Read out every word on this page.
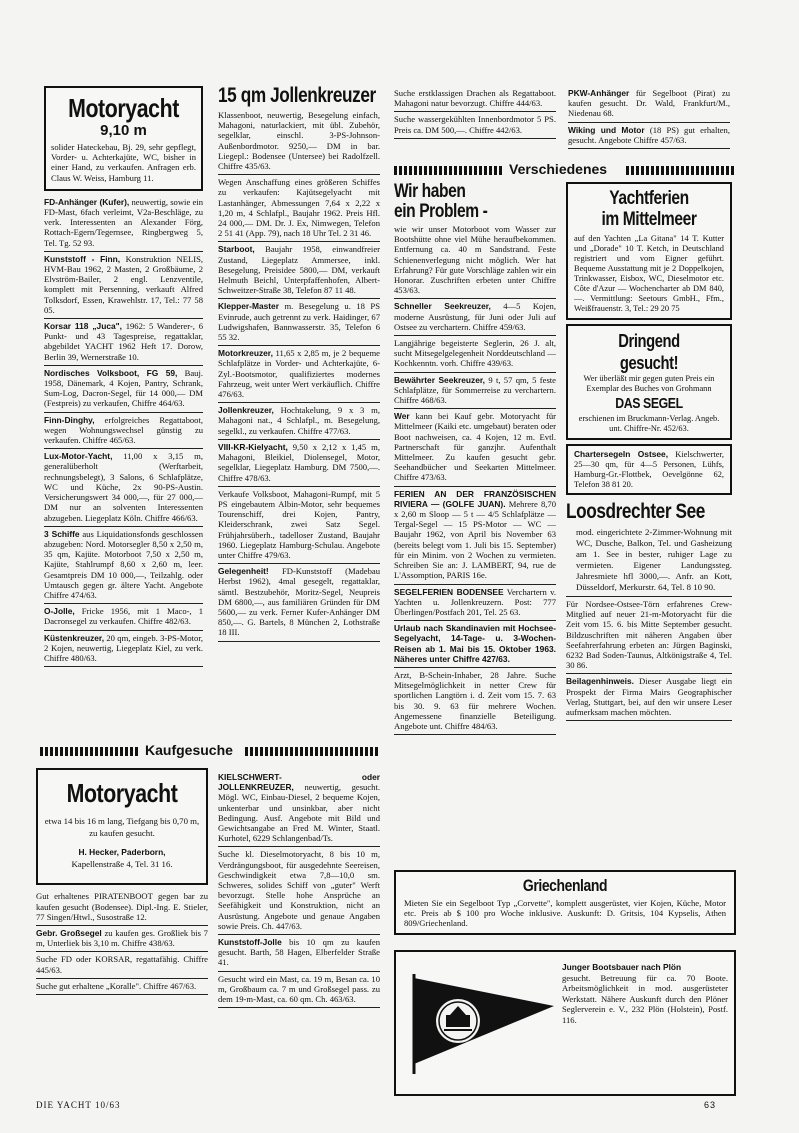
Motoryacht
9,10 m

solider Hateckebau, Bj. 29, sehr gepflegt, Vorder- u. Achterkajüte, WC, bisher in einer Hand, zu verkaufen. Anfragen erb. Claus W. Weiss, Hamburg 11.

FD-Anhänger (Kufer), neuwertig, sowie ein FD-Mast, 6fach verleimt, V2a-Beschläge, zu verk. Interessenten an Alexander Förg, Rottach-Egern/Tegernsee, Ringbergweg 5, Tel. Tg. 52 93.

Kunststoff - Finn, Konstruktion NELIS, HVM-Bau 1962, 2 Masten, 2 Großbäume, 2 Elvström-Bailer, 2 engl. Lenzventile, komplett mit Persenning, verkauft Alfred Tolksdorf, Essen, Krawehlstr. 17, Tel.: 77 58 05.

Korsar 118 „Juca", 1962: 5 Wanderer-, 6 Punkt- und 43 Tagespreise, regattaklar, abgebildet YACHT 1962 Heft 17. Dorow, Berlin 39, Wernerstraße 10.

Nordisches Volksboot, FG 59, Bauj. 1958, Dänemark, 4 Kojen, Pantry, Schrank, Sum-Log, Dacron-Segel, für 14 000,— DM (Festpreis) zu verkaufen, Chiffre 464/63.

Finn-Dinghy, erfolgreiches Regattaboot, wegen Wohnungswechsel günstig zu verkaufen. Chiffre 465/63.

Lux-Motor-Yacht, 11,00 x 3,15 m, generalüberholt (Werftarbeit, rechnungsbelegt), 3 Salons, 6 Schlafplätze, WC und Küche, 2x 90-PS-Austin. Versicherungswert 34 000,—, für 27 000,— DM nur an solventen Interessenten abzugeben. Liegeplatz Köln. Chiffre 466/63.

3 Schiffe aus Liquidationsfonds geschlossen abzugeben: Nord. Motorsegler 8,50 x 2,50 m, 35 qm, Kajüte. Motorboot 7,50 x 2,50 m, Kajüte, Stahlrumpf 8,60 x 2,60 m, leer. Gesamtpreis DM 10 000,—, Teilzahlg. oder Umtausch gegen gr. ältere Yacht. Angebote Chiffre 474/63.

O-Jolle, Fricke 1956, mit 1 Maco-, 1 Dacronsegel zu verkaufen. Chiffre 482/63.

Küstenkreuzer, 20 qm, eingeb. 3-PS-Motor, 2 Kojen, neuwertig, Liegeplatz Kiel, zu verk. Chiffre 480/63.

Kaufgesuche
Motoryacht

etwa 14 bis 16 m lang, Tiefgang bis 0,70 m, zu kaufen gesucht.

H. Hecker, Paderborn,

Kapellenstraße 4, Tel. 31 16.

Gut erhaltenes PIRATENBOOT gegen bar zu kaufen gesucht (Bodensee). Dipl.-Ing. E. Stieler, 77 Singen/Htwl., Susostraße 12.

Gebr. Großsegel zu kaufen ges. Großliek bis 7 m, Unterliek bis 3,10 m. Chiffre 438/63.

Suche FD oder KORSAR, regattafähig. Chiffre 445/63.

Suche gut erhaltene „Koralle". Chiffre 467/63.

15 qm Jollenkreuzer

Klassenboot, neuwertig, Besegelung einfach, Mahagoni, naturlackiert, mit übl. Zubehör, segelklar, einschl. 3-PS-Johnson-Außenbordmotor. 9250,— DM in bar. Liegepl.: Bodensee (Untersee) bei Radolfzell. Chiffre 435/63.

Wegen Anschaffung eines größeren Schiffes zu verkaufen: Kajütsegelyacht mit Lastanhänger, Abmessungen 7,64 x 2,22 x 1,20 m, 4 Schlafpl., Baujahr 1962. Preis Hfl. 24 000,— DM. Dr. J. Ex, Nimwegen, Telefon 2 51 41 (App. 79), nach 18 Uhr Tel. 2 31 46.

Starboot, Baujahr 1958, einwandfreier Zustand, Liegeplatz Ammersee, inkl. Besegelung, Preisidee 5800,— DM, verkauft Helmuth Beichl, Unterpfaffenhofen, Albert-Schweitzer-Straße 38, Telefon 87 11 48.

Klepper-Master m. Besegelung u. 18 PS Evinrude, auch getrennt zu verk. Haidinger, 67 Ludwigshafen, Bannwasserstr. 35, Telefon 6 55 32.

Motorkreuzer, 11,65 x 2,85 m, je 2 bequeme Schlafplätze in Vorder- und Achterkajüte, 6-Zyl.-Bootsmotor, qualifiziertes modernes Fahrzeug, weit unter Wert verkäuflich. Chiffre 476/63.

Jollenkreuzer, Hochtakelung, 9 x 3 m, Mahagoni nat., 4 Schlafpl., m. Besegelung, segelkl., zu verkaufen. Chiffre 477/63.

VIII-KR-Kielyacht, 9,50 x 2,12 x 1,45 m, Mahagoni, Bleikiel, Diolensegel, Motor, segelklar, Liegeplatz Hamburg. DM 7500,—. Chiffre 478/63.

Verkaufe Volksboot, Mahagoni-Rumpf, mit 5 PS eingebautem Albin-Motor, sehr bequemes Tourenschiff, drei Kojen, Pantry, Kleiderschrank, zwei Satz Segel. Frühjahrsüberh., tadelloser Zustand, Baujahr 1960. Liegeplatz Hamburg-Schulau. Angebote unter Chiffre 479/63.

Gelegenheit! FD-Kunststoff (Madebau Herbst 1962), 4mal gesegelt, regattaklar, sämtl. Bestzubehör, Moritz-Segel, Neupreis DM 6800,—, aus familiären Gründen für DM 5600,— zu verk. Ferner Kufer-Anhänger DM 850,—. G. Bartels, 8 München 2, Lothstraße 18 III.

KIELSCHWERT- oder JOLLENKREUZER, neuwertig, gesucht. Mögl. WC, Einbau-Diesel, 2 bequeme Kojen, unkenterbar und unsinkbar, aber nicht Bedingung. Ausf. Angebote mit Bild und Gewichtsangabe an Fred M. Winter, Staatl. Kurhotel, 6229 Schlangenbad/Ts.

Suche kl. Dieselmotoryacht, 8 bis 10 m, Verdrängungsboot, für ausgedehnte Seereisen, Geschwindigkeit etwa 7,8—10,0 sm. Schweres, solides Schiff von „guter" Werft bevorzugt. Stelle hohe Ansprüche an Seefähigkeit und Konstruktion, nicht an Ausrüstung. Angebote und genaue Angaben sowie Preis. Ch. 447/63.

Kunststoff-Jolle bis 10 qm zu kaufen gesucht. Barth, 58 Hagen, Elberfelder Straße 41.

Gesucht wird ein Mast, ca. 19 m, Besan ca. 10 m, Großbaum ca. 7 m und Großsegel pass. zu dem 19-m-Mast, ca. 60 qm. Ch. 463/63.

Suche erstklassigen Drachen als Regattaboot. Mahagoni natur bevorzugt. Chiffre 444/63.

Suche wassergekühlten Innenbordmotor 5 PS. Preis ca. DM 500,—. Chiffre 442/63.

Verschiedenes
Wir haben
ein Problem -

wie wir unser Motorboot vom Wasser zur Bootshütte ohne viel Mühe heraufbekommen. Entfernung ca. 40 m Sandstrand. Feste Schienenverlegung nicht möglich. Wer hat Erfahrung? Für gute Vorschläge zahlen wir ein Honorar. Zuschriften erbeten unter Chiffre 453/63.

Schneller Seekreuzer, 4—5 Kojen, moderne Ausrüstung, für Juni oder Juli auf Ostsee zu verchartern. Chiffre 459/63.

Langjährige begeisterte Seglerin, 26 J. alt, sucht Mitsegelgelegenheit Norddeutschland — Kochkenntn. vorh. Chiffre 439/63.

Bewährter Seekreuzer, 9 t, 57 qm, 5 feste Schlafplätze, für Sommerreise zu verchartern. Chiffre 468/63.

Wer kann bei Kauf gebr. Motoryacht für Mittelmeer (Kaiki etc. umgebaut) beraten oder Boot nachweisen, ca. 4 Kojen, 12 m. Evtl. Partnerschaft für ganzjhr. Aufenthalt Mittelmeer. Zu kaufen gesucht gebr. Seehandbücher und Seekarten Mittelmeer. Chiffre 473/63.

FERIEN AN DER FRANZÖSISCHEN RIVIERA — (GOLFE JUAN). Mehrere 8,70 x 2,60 m Sloop — 5 t — 4/5 Schlafplätze — Tergal-Segel — 15 PS-Motor — WC — Baujahr 1962, von April bis November 63 (bereits belegt vom 1. Juli bis 15. September) für ein Minim. von 2 Wochen zu vermieten. Schreiben Sie an: J. LAMBERT, 94, rue de L'Assomption, PARIS 16e.

SEGELFERIEN BODENSEE Verchartern v. Yachten u. Jollenkreuzern. Post: 777 Überlingen/Postfach 201, Tel. 25 63.

Urlaub nach Skandinavien mit Hochsee-Segelyacht, 14-Tage- u. 3-Wochen-Reisen ab 1. Mai bis 15. Oktober 1963. Näheres unter Chiffre 427/63.

Arzt, B-Schein-Inhaber, 28 Jahre. Suche Mitsegelmöglichkeit in netter Crew für sportlichen Langtörn i. d. Zeit vom 15. 7. 63 bis 30. 9. 63 für mehrere Wochen. Angemessene finanzielle Beteiligung. Angebote unt. Chiffre 484/63.

PKW-Anhänger für Segelboot (Pirat) zu kaufen gesucht. Dr. Wald, Frankfurt/M., Niedenau 68.

Wiking und Motor (18 PS) gut erhalten, gesucht. Angebote Chiffre 457/63.

Yachtferien
im Mittelmeer

auf den Yachten „La Gitana" 14 T. Kutter und „Dorade" 10 T. Ketch, in Deutschland registriert und vom Eigner geführt. Bequeme Ausstattung mit je 2 Doppelkojen, Trinkwasser, Eisbox, WC, Dieselmotor etc. Côte d'Azur — Wochencharter ab DM 840,—. Vermittlung: Seetours GmbH., Ffm., Weißfrauenstr. 3, Tel.: 29 20 75

Dringend gesucht!

Wer überläßt mir gegen guten Preis ein Exemplar des Buches von Grohmann

DAS SEGEL

erschienen im Bruckmann-Verlag. Angeb. unt. Chiffre-Nr. 452/63.

Chartersegeln Ostsee, Kielschwerter, 25—30 qm, für 4—5 Personen, Lühfs, Hamburg-Gr.-Flottbek, Oevelgönne 62, Telefon 38 81 20.

Loosdrechter See

mod. eingerichtete 2-Zimmer-Wohnung mit WC, Dusche, Balkon, Tel. und Gasheizung am 1. See in bester, ruhiger Lage zu vermieten. Eigener Landungssteg. Jahresmiete hfl 3000,—. Anfr. an Kott, Düsseldorf, Merkurstr. 64, Tel. 8 10 90.

Für Nordsee-Ostsee-Törn erfahrenes Crew-Mitglied auf neuer 21-m-Motoryacht für die Zeit vom 15. 6. bis Mitte September gesucht. Bildzuschriften mit näheren Angaben über Seefahrerfahrung erbeten an: Jürgen Baginski, 6232 Bad Soden-Taunus, Altkönigstraße 4, Tel. 30 86.

Beilagenhinweis. Dieser Ausgabe liegt ein Prospekt der Firma Mairs Geographischer Verlag, Stuttgart, bei, auf den wir unsere Leser aufmerksam machen möchten.

Griechenland

Mieten Sie ein Segelboot Typ „Corvette", komplett ausgerüstet, vier Kojen, Küche, Motor etc. Preis ab $ 100 pro Woche inklusive. Auskunft: D. Gritsis, 104 Kypselis, Athen 809/Griechenland.

Junger Bootsbauer nach Plön

gesucht. Betreuung für ca. 70 Boote. Arbeitsmöglichkeit in mod. ausgerüsteter Werkstatt. Nähere Auskunft durch den Plöner Seglerverein e. V., 232 Plön (Holstein), Postf. 116.

DIE YACHT 10/63	63
